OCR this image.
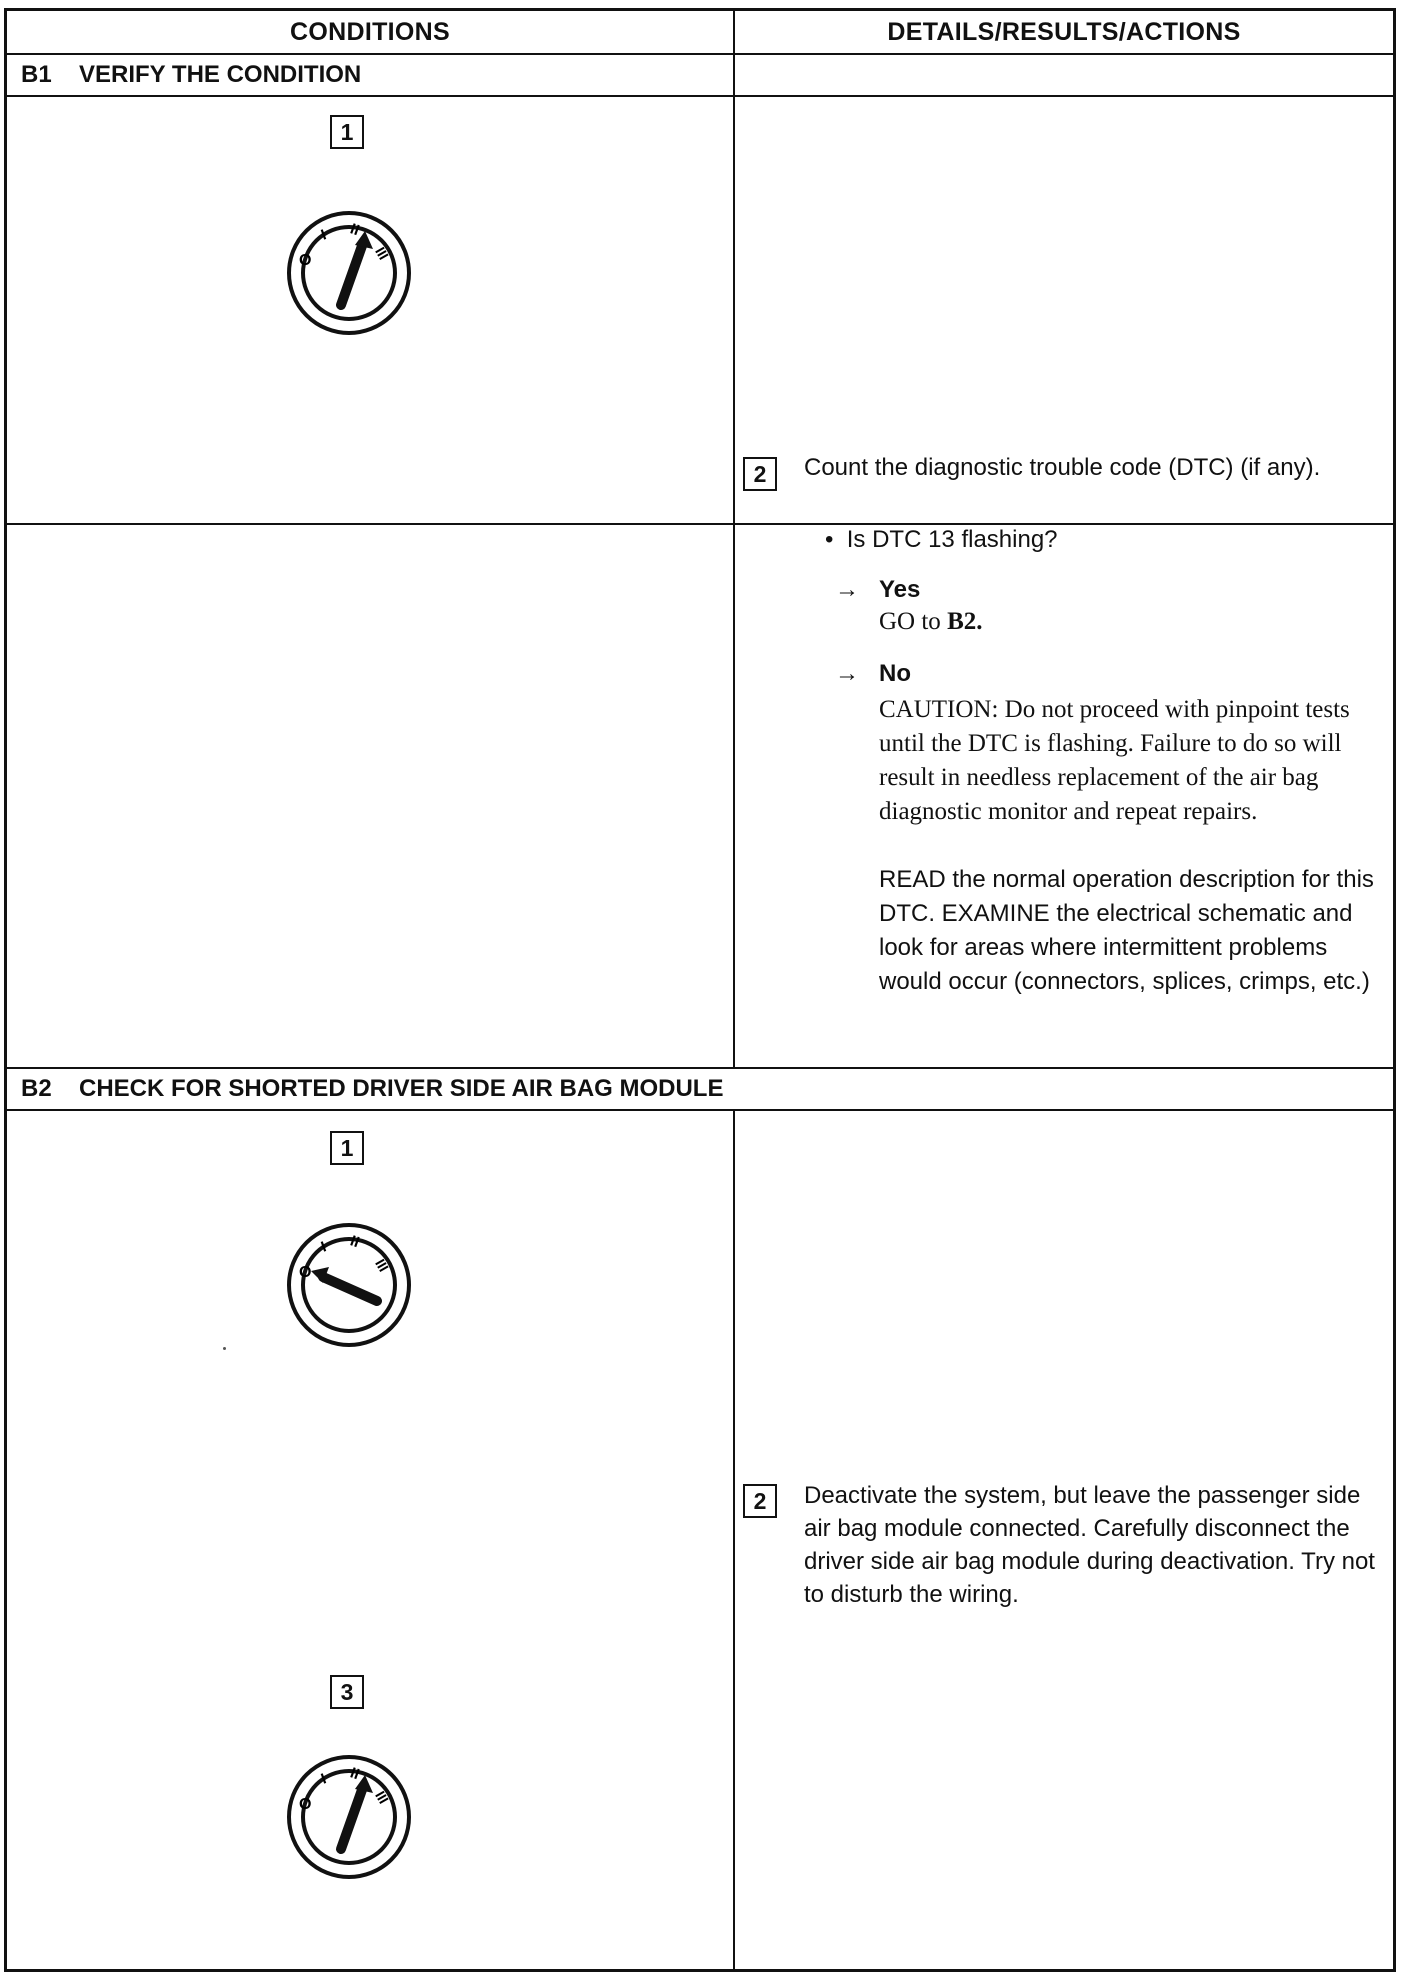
CONDITIONS	DETAILS/RESULTS/ACTIONS
B1 VERIFY THE CONDITION
1
O
I II
III
2	Count the diagnostic trouble code (DTC) (if any).
• Is DTC 13 flashing?
→ Yes
GO to B2.
→ No
CAUTION: Do not proceed with pinpoint tests until the DTC is flashing. Failure to do so will result in needless replacement of the air bag diagnostic monitor and repeat repairs.
READ the normal operation description for this DTC. EXAMINE the electrical schematic and look for areas where intermittent problems would occur (connectors, splices, crimps, etc.)
B2 CHECK FOR SHORTED DRIVER SIDE AIR BAG MODULE
1
O
I II
III
2	Deactivate the system, but leave the passenger side air bag module connected. Carefully disconnect the driver side air bag module during deactivation. Try not to disturb the wiring.
3
O
I II
III
